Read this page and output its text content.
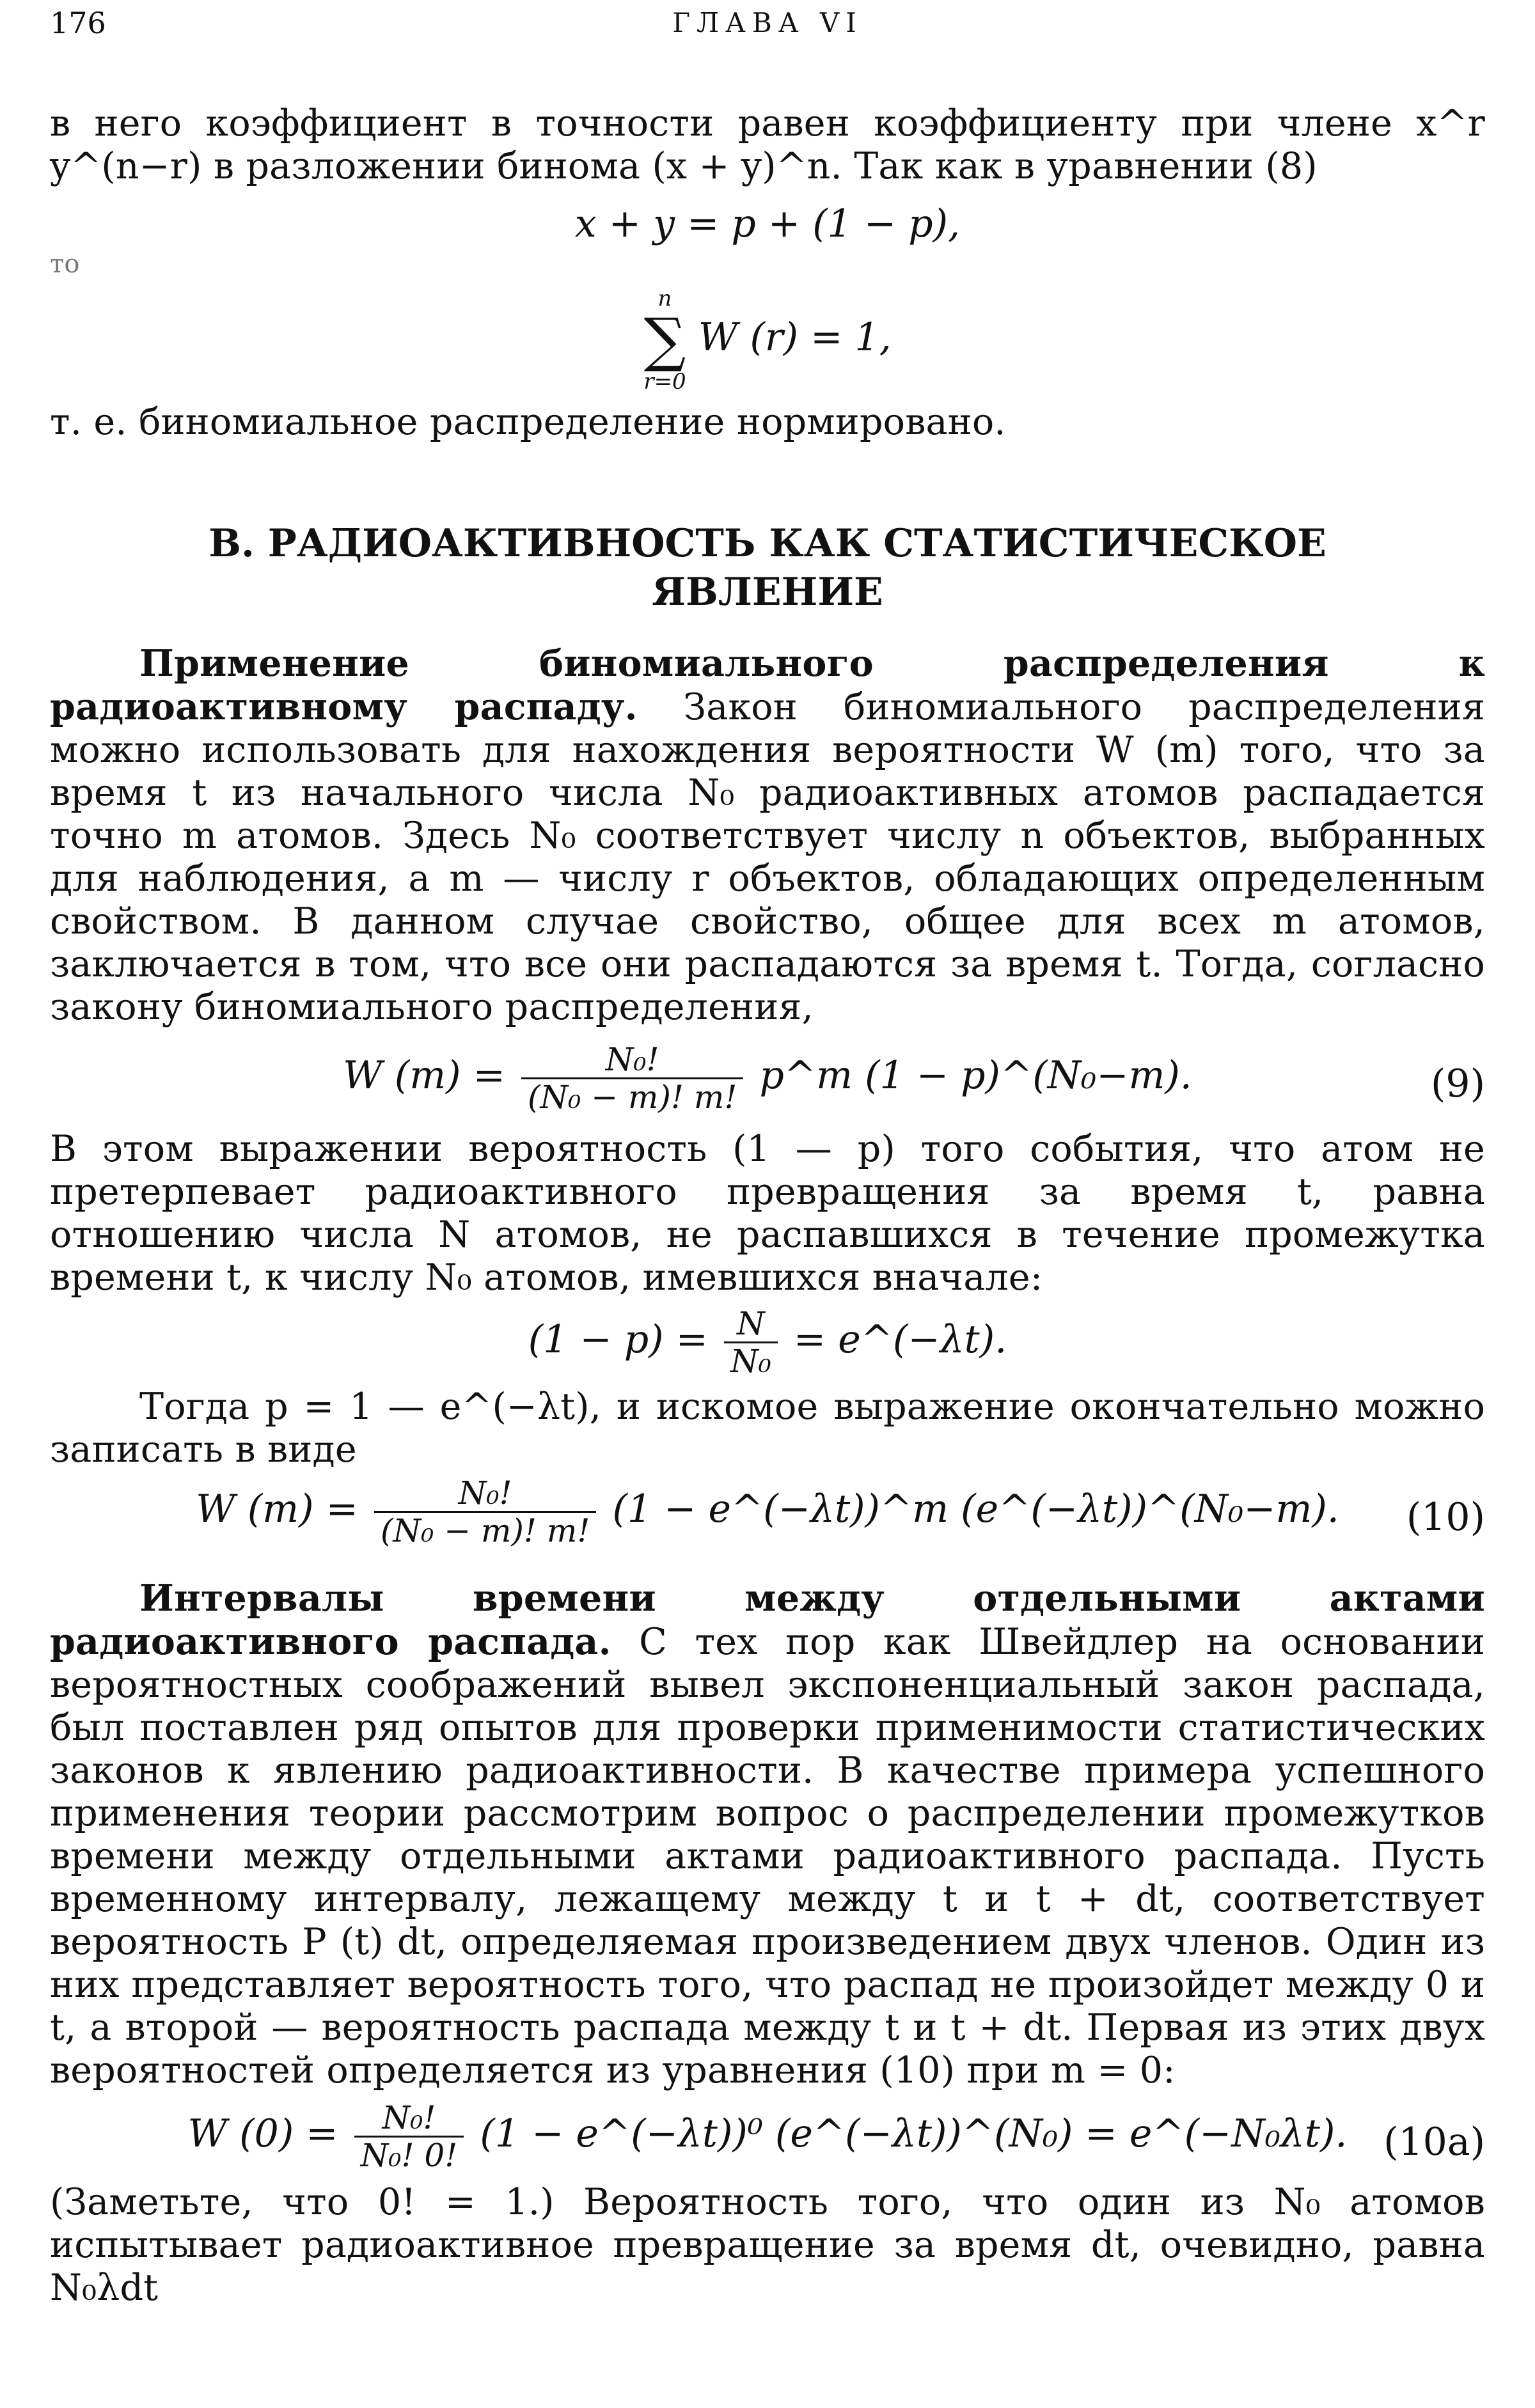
176	ГЛАВА VI

в него коэффициент в точности равен коэффициенту при члене x^r y^(n−r) в разложении бинома (x + y)^n. Так как в уравнении (8)

x + y = p + (1 − p),

то

n
∑
r=0
W (r) = 1,

т. е. биномиальное распределение нормировано.

В. РАДИОАКТИВНОСТЬ КАК СТАТИСТИЧЕСКОЕ

ЯВЛЕНИЕ

Применение биномиального распределения к радиоактивному распаду. Закон биномиального распределения можно использовать для нахождения вероятности W (m) того, что за время t из начального числа N₀ радиоактивных атомов распадается точно m атомов. Здесь N₀ соответствует числу n объектов, выбранных для наблюдения, а m — числу r объектов, обладающих определенным свойством. В данном случае свойство, общее для всех m атомов, заключается в том, что все они распадаются за время t. Тогда, согласно закону биномиального распределения,

W $(m) = \frac{\text{N₀!}}{\text{(N₀ − m)! m!}}$ p^m (1 − p)^(N₀−m).	(9)

В этом выражении вероятность (1 — p) того события, что атом не претерпевает радиоактивного превращения за время t, равна отношению числа N атомов, не распавшихся в течение промежутка времени t, к числу N₀ атомов, имевшихся вначале:

$(1 - p) = \frac{N}{\text{N₀}}$ = e^(−λt).

Тогда p = 1 — e^(−λt), и искомое выражение окончательно можно записать в виде

W $(m) = \frac{\text{N₀!}}{\text{(N₀ − m)! m!}} (1$ − e^(−λt))^m (e^(−λt))^(N₀−m). (10)

Интервалы времени между отдельными актами радиоактивного распада. С тех пор как Швейдлер на основании вероятностных соображений вывел экспоненциальный закон распада, был поставлен ряд опытов для проверки применимости статистических законов к явлению радиоактивности. В качестве примера успешного применения теории рассмотрим вопрос о распределении промежутков времени между отдельными актами радиоактивного распада. Пусть временному интервалу, лежащему между t и t + dt, соответствует вероятность P (t) dt, определяемая произведением двух членов. Один из них представляет вероятность того, что распад не произойдет между 0 и t, а второй — вероятность распада между t и t + dt. Первая из этих двух вероятностей определяется из уравнения (10) при m = 0:

W $(0) = \frac{\text{N₀!}}{\text{N₀! 0!}} (1$ − e^(−λt))⁰ (e^(−λt))^(N₀) = e^(−N₀λt). (10a)

(Заметьте, что 0! = 1.) Вероятность того, что один из N₀ атомов испытывает радиоактивное превращение за время dt, очевидно, равна N₀λdt
